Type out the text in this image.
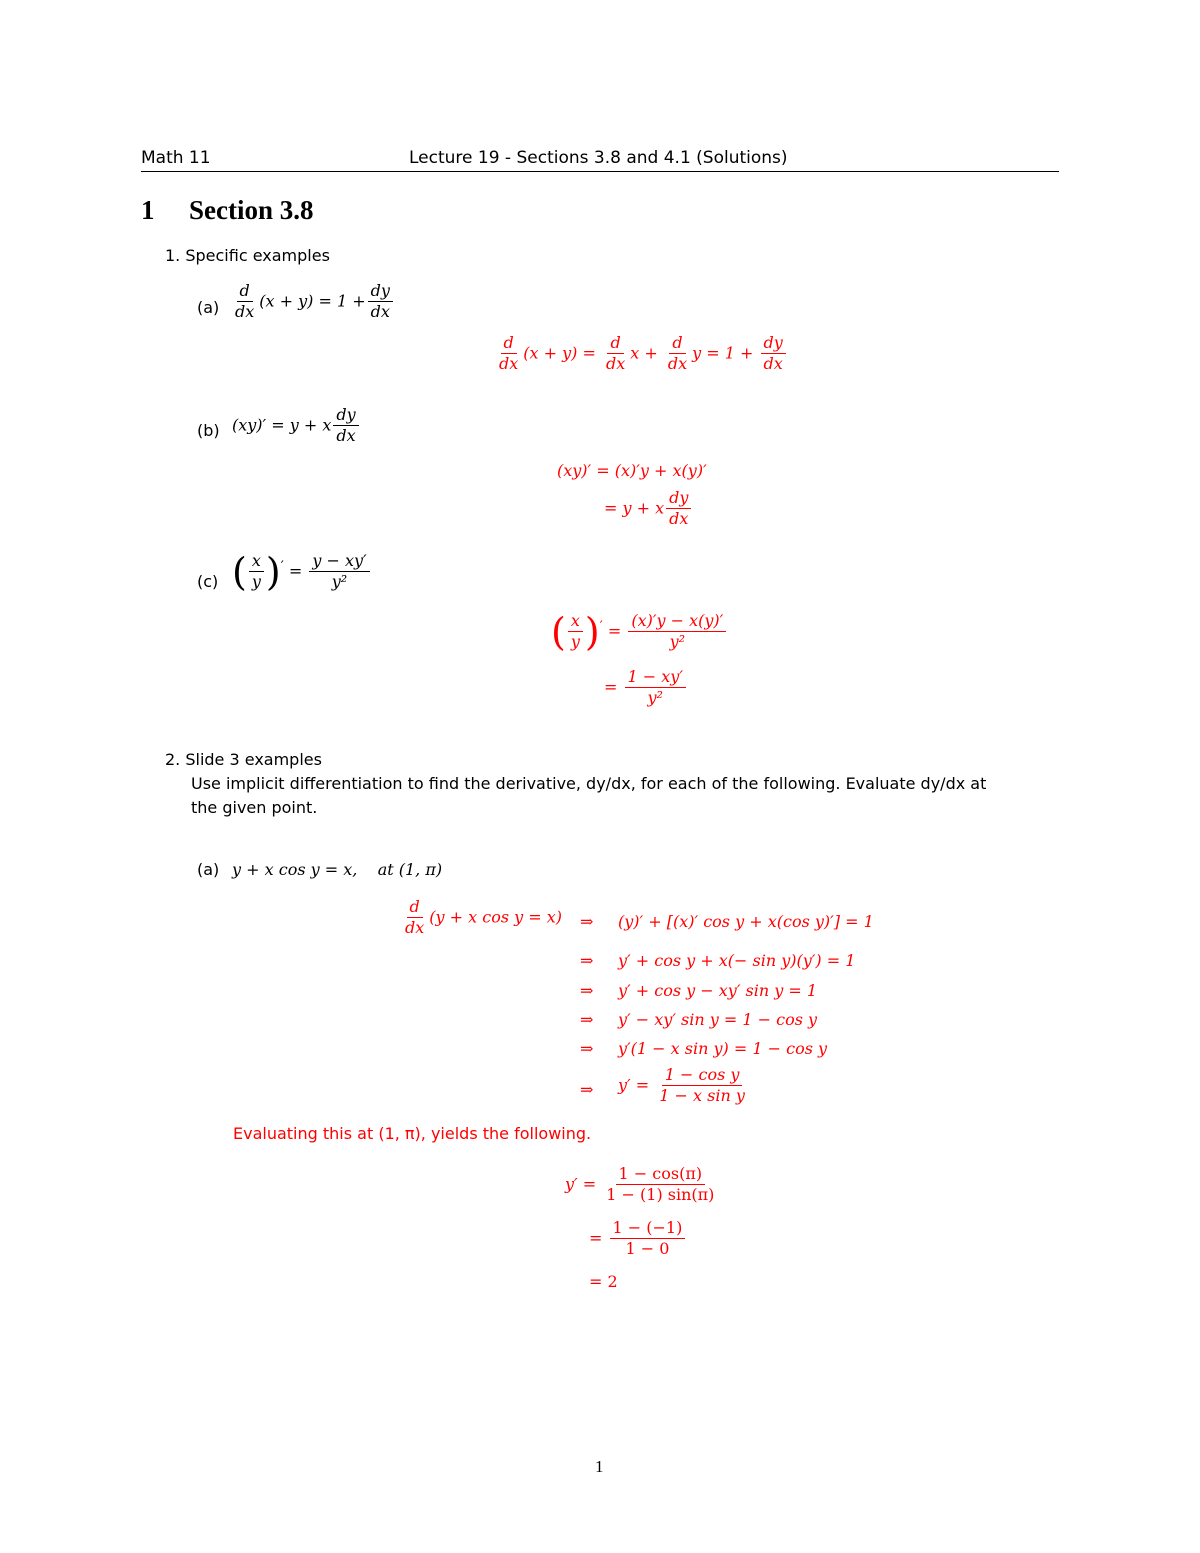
Math 11	Lecture 19 - Sections 3.8 and 4.1 (Solutions)
1 Section 3.8
1. Specific examples
$(a) \frac{d}{dx} (x + y) = 1 + \frac{dy}{dx}$
$\frac{d}{dx} (x + y) = \frac{d}{dx}$ $x + \frac{d}{dx}$ $y = 1 + \frac{dy}{dx}$
(b) (xy)′ = y + x $\frac{dy}{dx}$
(xy)′ = (x)′y + x(y)′
= y + x $\frac{dy}{dx}$
(c) ( $\frac{x}{y} )' = \frac{y - xy'}{\text{y²}}$
( $\frac{x}{y} )' = \frac{(x)'y - x(y)'}{\text{y²}}$
= $\frac{1 - xy'}{\text{y²}}$
2. Slide 3 examples
Use implicit differentiation to find the derivative, dy/dx, for each of the following. Evaluate dy/dx at
the given point.
(a) y + x cos y = x,    at (1, π)
$\frac{d}{dx} (y + x$ cos y = x) ⇒ (y)′ + [(x)′ cos y + x(cos y)′] = 1
⇒ y′ + cos y + x(− sin y)(y′) = 1
⇒ y′ + cos y − xy′ sin y = 1
⇒ y′ − xy′ sin y = 1 − cos y
⇒ y′(1 − x sin y) = 1 − cos y
⇒ $y' = \frac{\text{1 − cos y}}{\text{1 − x sin y}}$
Evaluating this at (1, π), yields the following.
$y' = \frac{1 - \cos(\pi)}{1 - (1) \sin(\pi)}$
= $\frac{1 - (-1)}{1 - 0}$
= 2
1
